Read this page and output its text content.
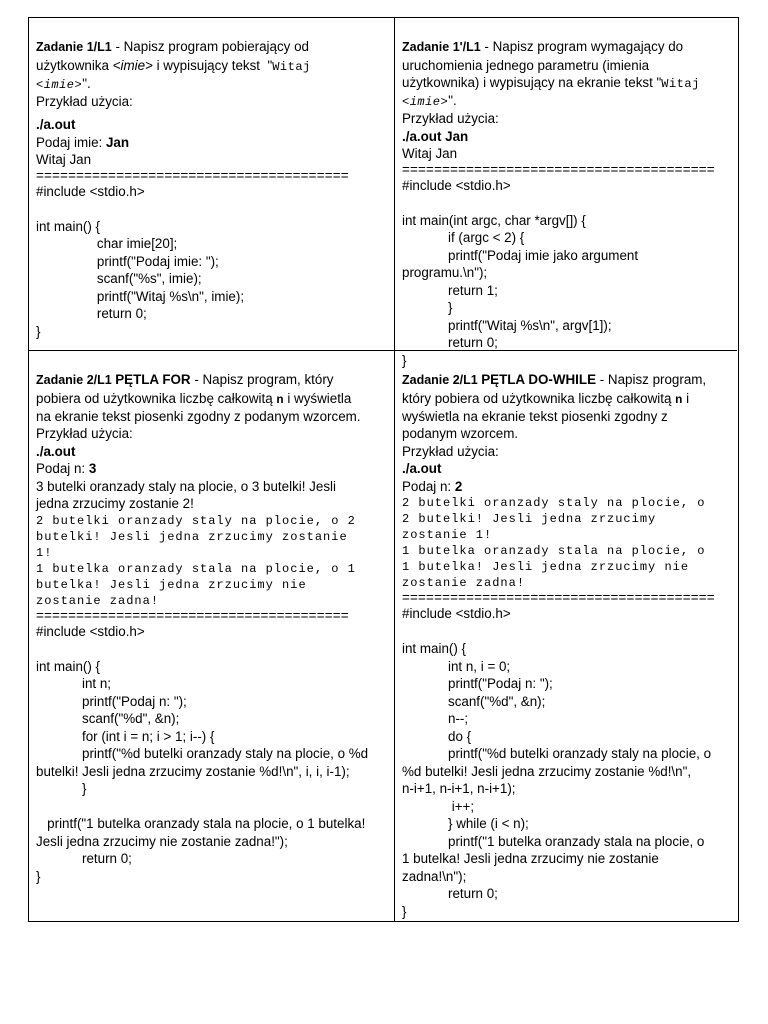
Zadanie 1/L1 - Napisz program pobierający od
użytkownika <imie> i wypisujący tekst  "Witaj
<imie>".
Przykład użycia:
./a.out
Podaj imie: Jan
Witaj Jan
=======================================
#include <stdio.h>
int main() {
char imie[20];
printf("Podaj imie: ");
scanf("%s", imie);
printf("Witaj %s\n", imie);
return 0;
}
Zadanie 1'/L1 - Napisz program wymagający do
uruchomienia jednego parametru (imienia
użytkownika) i wypisujący na ekranie tekst "Witaj
<imie>".
Przykład użycia:
./a.out Jan
Witaj Jan
=======================================
#include <stdio.h>
int main(int argc, char *argv[]) {
if (argc < 2) {
printf("Podaj imie jako argument
programu.\n");
return 1;
}
printf("Witaj %s\n", argv[1]);
return 0;
}
Zadanie 2/L1 PĘTLA FOR - Napisz program, który
pobiera od użytkownika liczbę całkowitą n i wyświetla
na ekranie tekst piosenki zgodny z podanym wzorcem.
Przykład użycia:
./a.out
Podaj n: 3
3 butelki oranzady staly na plocie, o 3 butelki! Jesli
jedna zrzucimy zostanie 2!
2 butelki oranzady staly na plocie, o 2
butelki! Jesli jedna zrzucimy zostanie
1!
1 butelka oranzady stala na plocie, o 1
butelka! Jesli jedna zrzucimy nie
zostanie zadna!
=======================================
#include <stdio.h>
int main() {
int n;
printf("Podaj n: ");
scanf("%d", &n);
for (int i = n; i > 1; i--) {
printf("%d butelki oranzady staly na plocie, o %d
butelki! Jesli jedna zrzucimy zostanie %d!\n", i, i, i-1);
}
printf("1 butelka oranzady stala na plocie, o 1 butelka!
Jesli jedna zrzucimy nie zostanie zadna!");
return 0;
}
Zadanie 2/L1 PĘTLA DO-WHILE - Napisz program,
który pobiera od użytkownika liczbę całkowitą n i
wyświetla na ekranie tekst piosenki zgodny z
podanym wzorcem.
Przykład użycia:
./a.out
Podaj n: 2
2 butelki oranzady staly na plocie, o
2 butelki! Jesli jedna zrzucimy
zostanie 1!
1 butelka oranzady stala na plocie, o
1 butelka! Jesli jedna zrzucimy nie
zostanie zadna!
=======================================
#include <stdio.h>
int main() {
int n, i = 0;
printf("Podaj n: ");
scanf("%d", &n);
n--;
do {
printf("%d butelki oranzady staly na plocie, o
%d butelki! Jesli jedna zrzucimy zostanie %d!\n",
n-i+1, n-i+1, n-i+1);
i++;
} while (i < n);
printf("1 butelka oranzady stala na plocie, o
1 butelka! Jesli jedna zrzucimy nie zostanie
zadna!\n");
return 0;
}
